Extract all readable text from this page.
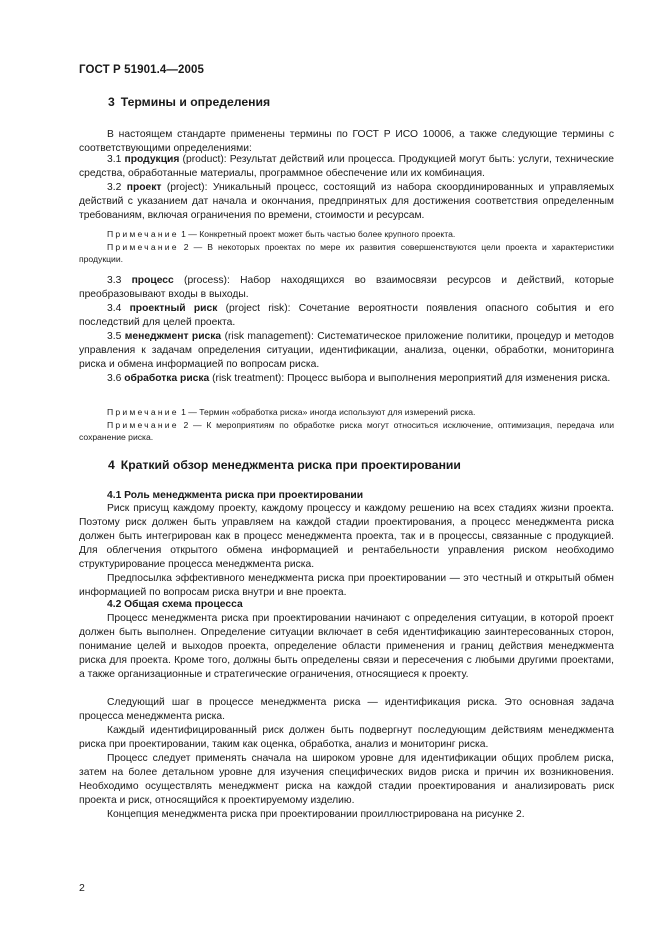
ГОСТ Р 51901.4—2005
3 Термины и определения
В настоящем стандарте применены термины по ГОСТ Р ИСО 10006, а также следующие термины с соответствующими определениями:
3.1 продукция (product): Результат действий или процесса. Продукцией могут быть: услуги, технические средства, обработанные материалы, программное обеспечение или их комбинация.
3.2 проект (project): Уникальный процесс, состоящий из набора скоординированных и управляемых действий с указанием дат начала и окончания, предпринятых для достижения соответствия определенным требованиям, включая ограничения по времени, стоимости и ресурсам.
Примечание 1 — Конкретный проект может быть частью более крупного проекта.
Примечание 2 — В некоторых проектах по мере их развития совершенствуются цели проекта и характеристики продукции.
3.3 процесс (process): Набор находящихся во взаимосвязи ресурсов и действий, которые преобразовывают входы в выходы.
3.4 проектный риск (project risk): Сочетание вероятности появления опасного события и его последствий для целей проекта.
3.5 менеджмент риска (risk management): Систематическое приложение политики, процедур и методов управления к задачам определения ситуации, идентификации, анализа, оценки, обработки, мониторинга риска и обмена информацией по вопросам риска.
3.6 обработка риска (risk treatment): Процесс выбора и выполнения мероприятий для изменения риска.
Примечание 1 — Термин «обработка риска» иногда используют для измерений риска.
Примечание 2 — К мероприятиям по обработке риска могут относиться исключение, оптимизация, передача или сохранение риска.
4 Краткий обзор менеджмента риска при проектировании
4.1 Роль менеджмента риска при проектировании
Риск присущ каждому проекту, каждому процессу и каждому решению на всех стадиях жизни проекта. Поэтому риск должен быть управляем на каждой стадии проектирования, а процесс менеджмента риска должен быть интегрирован как в процесс менеджмента проекта, так и в процессы, связанные с продукцией. Для облегчения открытого обмена информацией и рентабельности управления риском необходимо структурирование процесса менеджмента риска.
Предпосылка эффективного менеджмента риска при проектировании — это честный и открытый обмен информацией по вопросам риска внутри и вне проекта.
4.2 Общая схема процесса
Процесс менеджмента риска при проектировании начинают с определения ситуации, в которой проект должен быть выполнен. Определение ситуации включает в себя идентификацию заинтересованных сторон, понимание целей и выходов проекта, определение области применения и границ действия менеджмента риска для проекта. Кроме того, должны быть определены связи и пересечения с любыми другими проектами, а также организационные и стратегические ограничения, относящиеся к проекту.
Следующий шаг в процессе менеджмента риска — идентификация риска. Это основная задача процесса менеджмента риска.
Каждый идентифицированный риск должен быть подвергнут последующим действиям менеджмента риска при проектировании, таким как оценка, обработка, анализ и мониторинг риска.
Процесс следует применять сначала на широком уровне для идентификации общих проблем риска, затем на более детальном уровне для изучения специфических видов риска и причин их возникновения. Необходимо осуществлять менеджмент риска на каждой стадии проектирования и анализировать риск проекта и риск, относящийся к проектируемому изделию.
Концепция менеджмента риска при проектировании проиллюстрирована на рисунке 2.
2
